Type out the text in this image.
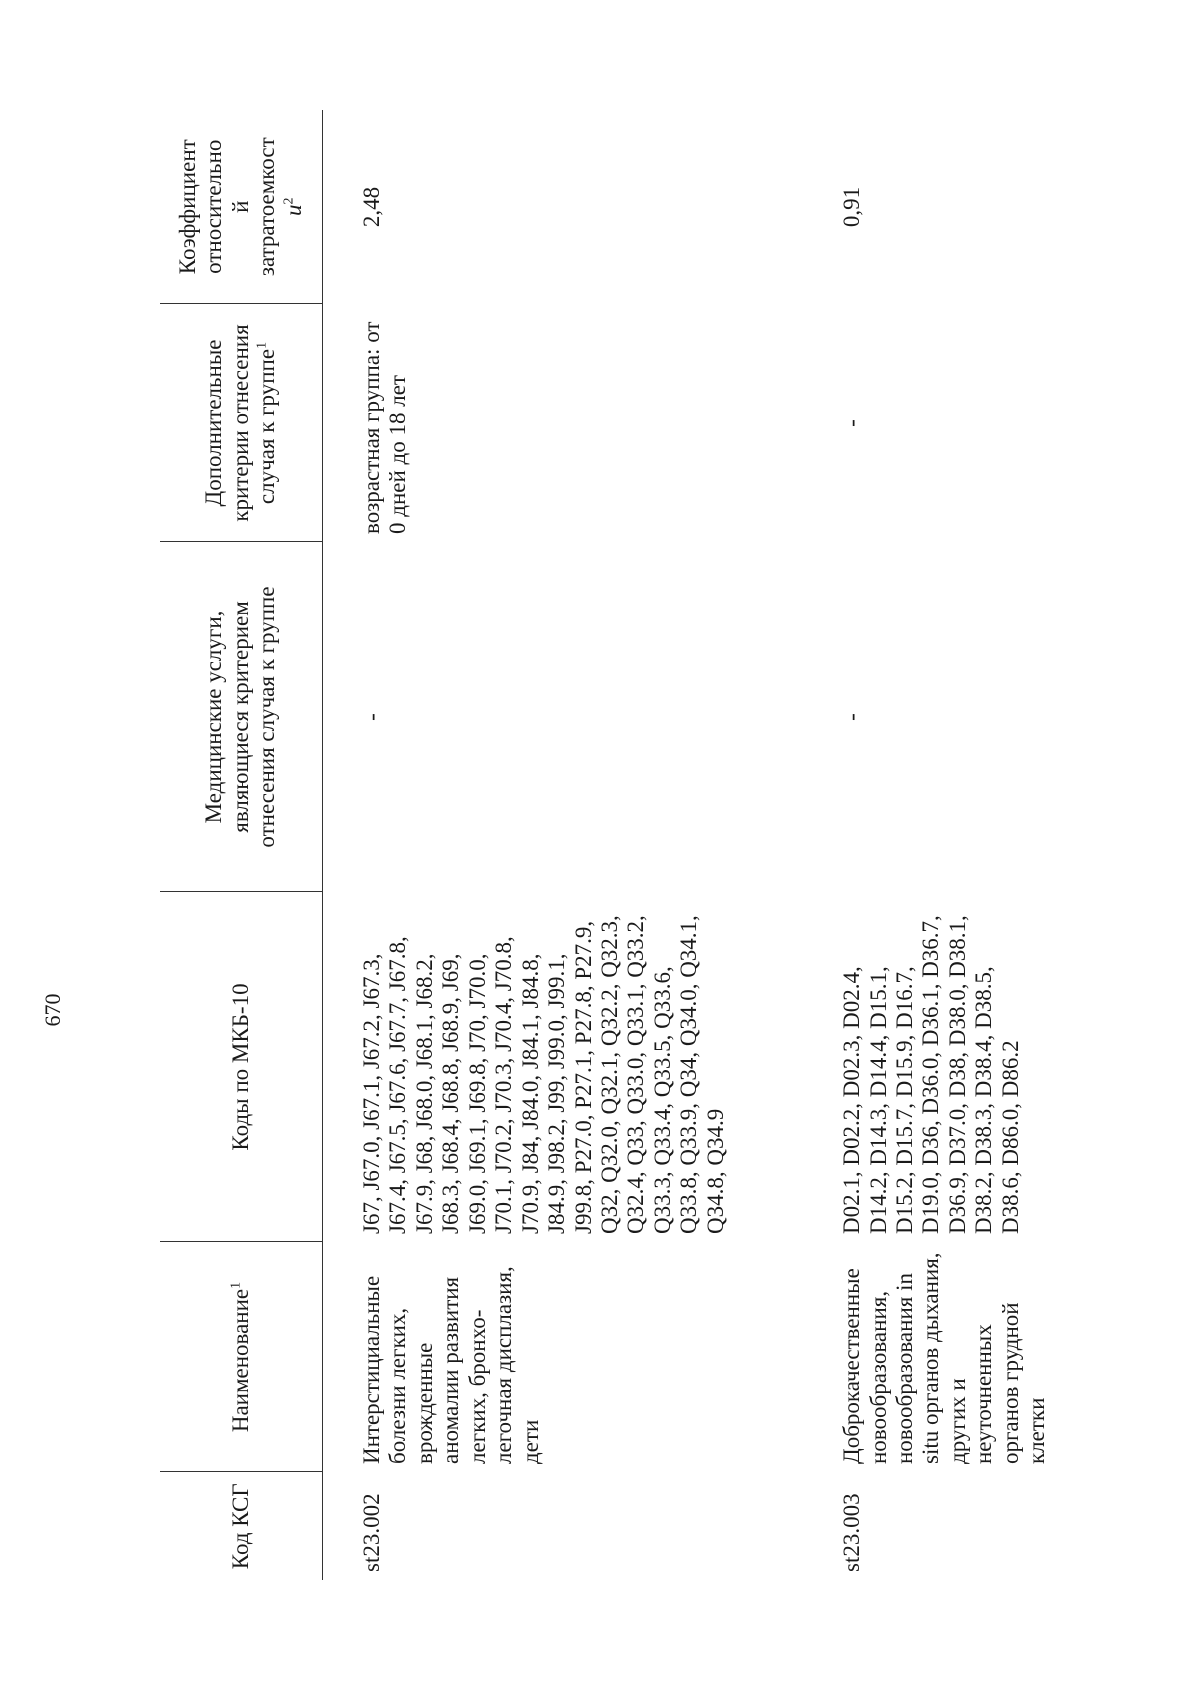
670
Код КСГ	Наименование$^1$	Коды по МКБ-10	Медицинские услуги, являющиеся критерием отнесения случая к группе	Дополнительные критерии отнесения случая к группе$^1$	Коэффициент относительно
й
затратоемкост
$и^2$
st23.002	Интерстициальные болезни легких, врожденные аномалии развития легких, бронхо-легочная дисплазия, дети	J67, J67.0, J67.1, J67.2, J67.3, J67.4, J67.5, J67.6, J67.7, J67.8, J67.9, J68, J68.0, J68.1, J68.2, J68.3, J68.4, J68.8, J68.9, J69, J69.0, J69.1, J69.8, J70, J70.0, J70.1, J70.2, J70.3, J70.4, J70.8, J70.9, J84, J84.0, J84.1, J84.8, J84.9, J98.2, J99, J99.0, J99.1, J99.8, P27.0, P27.1, P27.8, P27.9, Q32, Q32.0, Q32.1, Q32.2, Q32.3, Q32.4, Q33, Q33.0, Q33.1, Q33.2, Q33.3, Q33.4, Q33.5, Q33.6, Q33.8, Q33.9, Q34, Q34.0, Q34.1, Q34.8, Q34.9	-	возрастная группа: от 0 дней до 18 лет	2,48
st23.003	Доброкачественные новообразования, новообразования in situ органов дыхания, других и неуточненных органов грудной клетки	D02.1, D02.2, D02.3, D02.4, D14.2, D14.3, D14.4, D15.1, D15.2, D15.7, D15.9, D16.7, D19.0, D36, D36.0, D36.1, D36.7, D36.9, D37.0, D38, D38.0, D38.1, D38.2, D38.3, D38.4, D38.5, D38.6, D86.0, D86.2	-	-	0,91
